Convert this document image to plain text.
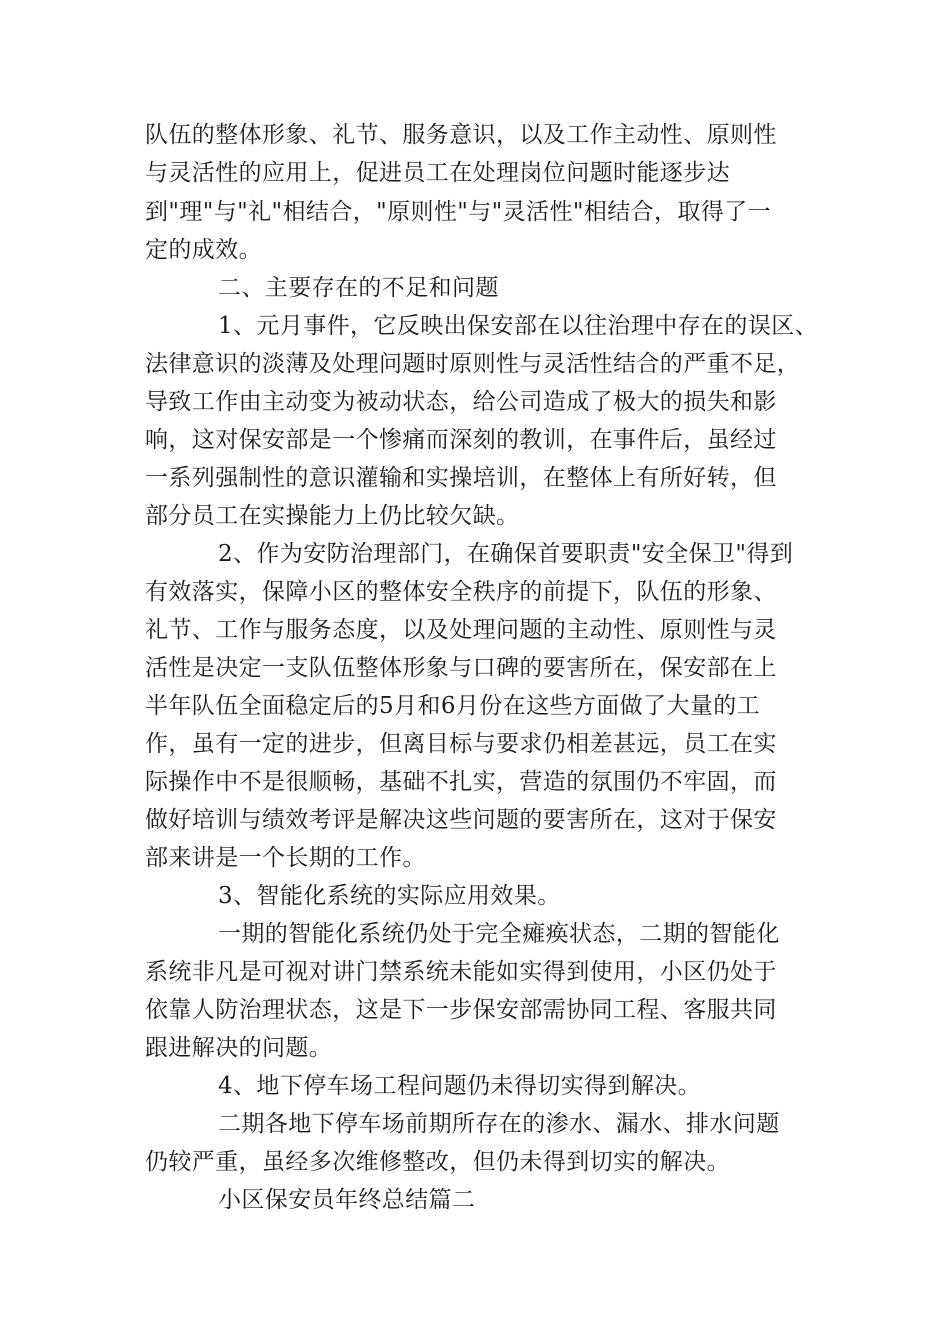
队伍的整体形象、礼节、服务意识，以及工作主动性、原则性
与灵活性的应用上，促进员工在处理岗位问题时能逐步达
到"理"与"礼"相结合，"原则性"与"灵活性"相结合，取得了一
定的成效。
二、主要存在的不足和问题
1、元月事件，它反映出保安部在以往治理中存在的误区、
法律意识的淡薄及处理问题时原则性与灵活性结合的严重不足，
导致工作由主动变为被动状态，给公司造成了极大的损失和影
响，这对保安部是一个惨痛而深刻的教训，在事件后，虽经过
一系列强制性的意识灌输和实操培训，在整体上有所好转，但
部分员工在实操能力上仍比较欠缺。
2、作为安防治理部门，在确保首要职责"安全保卫"得到
有效落实，保障小区的整体安全秩序的前提下，队伍的形象、
礼节、工作与服务态度，以及处理问题的主动性、原则性与灵
活性是决定一支队伍整体形象与口碑的要害所在，保安部在上
半年队伍全面稳定后的5月和6月份在这些方面做了大量的工
作，虽有一定的进步，但离目标与要求仍相差甚远，员工在实
际操作中不是很顺畅，基础不扎实，营造的氛围仍不牢固，而
做好培训与绩效考评是解决这些问题的要害所在，这对于保安
部来讲是一个长期的工作。
3、智能化系统的实际应用效果。
一期的智能化系统仍处于完全瘫痪状态，二期的智能化
系统非凡是可视对讲门禁系统未能如实得到使用，小区仍处于
依靠人防治理状态，这是下一步保安部需协同工程、客服共同
跟进解决的问题。
4、地下停车场工程问题仍未得切实得到解决。
二期各地下停车场前期所存在的渗水、漏水、排水问题
仍较严重，虽经多次维修整改，但仍未得到切实的解决。
小区保安员年终总结篇二
